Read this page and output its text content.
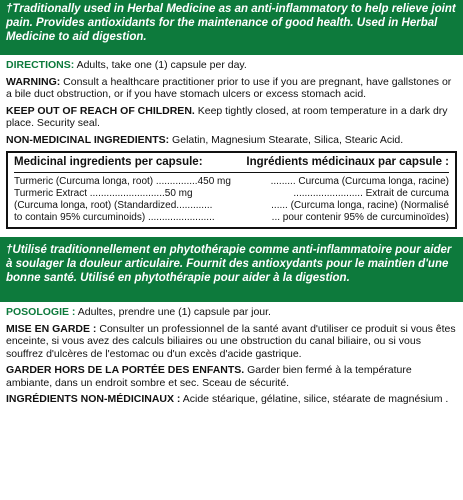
†Traditionally used in Herbal Medicine as an anti-inflammatory to help relieve joint pain. Provides antioxidants for the maintenance of good health. Used in Herbal Medicine to aid digestion.
DIRECTIONS: Adults, take one (1) capsule per day.
WARNING: Consult a healthcare practitioner prior to use if you are pregnant, have gallstones or a bile duct obstruction, or if you have stomach ulcers or excess stomach acid.
KEEP OUT OF REACH OF CHILDREN. Keep tightly closed, at room temperature in a dark dry place. Security seal.
NON-MEDICINAL INGREDIENTS: Gelatin, Magnesium Stearate, Silica, Stearic Acid.
Medicinal ingredients per capsule:	Ingrédients médicinaux par capsule :
Turmeric (Curcuma longa, root) ...............450 mg	......... Curcuma (Curcuma longa, racine)
Turmeric Extract ...........................50 mg	......................... Extrait de curcuma
(Curcuma longa, root) (Standardized.............	...... (Curcuma longa, racine) (Normalisé
to contain 95% curcuminoids) ........................	... pour contenir 95% de curcuminoïdes)
†Utilisé traditionnellement en phytothérapie comme anti-inflammatoire pour aider à soulager la douleur articulaire. Fournit des antioxydants pour le maintien d'une bonne santé. Utilisé en phytothérapie pour aider à la digestion.
POSOLOGIE : Adultes, prendre une (1) capsule par jour.
MISE EN GARDE : Consulter un professionnel de la santé avant d'utiliser ce produit si vous êtes enceinte, si vous avez des calculs biliaires ou une obstruction du canal biliaire, ou si vous souffrez d'ulcères de l'estomac ou d'un excès d'acide gastrique.
GARDER HORS DE LA PORTÉE DES ENFANTS. Garder bien fermé à la température ambiante, dans un endroit sombre et sec. Sceau de sécurité.
INGRÉDIENTS NON-MÉDICINAUX : Acide stéarique, gélatine, silice, stéarate de magnésium .
